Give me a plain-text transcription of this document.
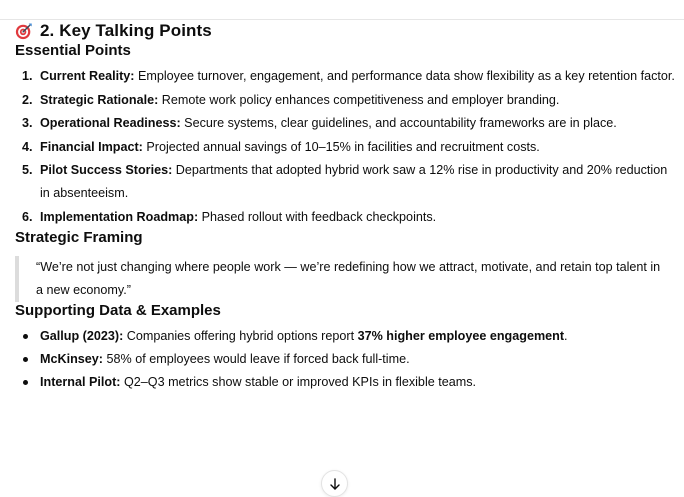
2. Key Talking Points
Essential Points
1. Current Reality: Employee turnover, engagement, and performance data show flexibility as a key retention factor.
2. Strategic Rationale: Remote work policy enhances competitiveness and employer branding.
3. Operational Readiness: Secure systems, clear guidelines, and accountability frameworks are in place.
4. Financial Impact: Projected annual savings of 10–15% in facilities and recruitment costs.
5. Pilot Success Stories: Departments that adopted hybrid work saw a 12% rise in productivity and 20% reduction in absenteeism.
6. Implementation Roadmap: Phased rollout with feedback checkpoints.
Strategic Framing
“We’re not just changing where people work — we’re redefining how we attract, motivate, and retain top talent in a new economy.”
Supporting Data & Examples
Gallup (2023): Companies offering hybrid options report 37% higher employee engagement.
McKinsey: 58% of employees would leave if forced back full-time.
Internal Pilot: Q2–Q3 metrics show stable or improved KPIs in flexible teams.
